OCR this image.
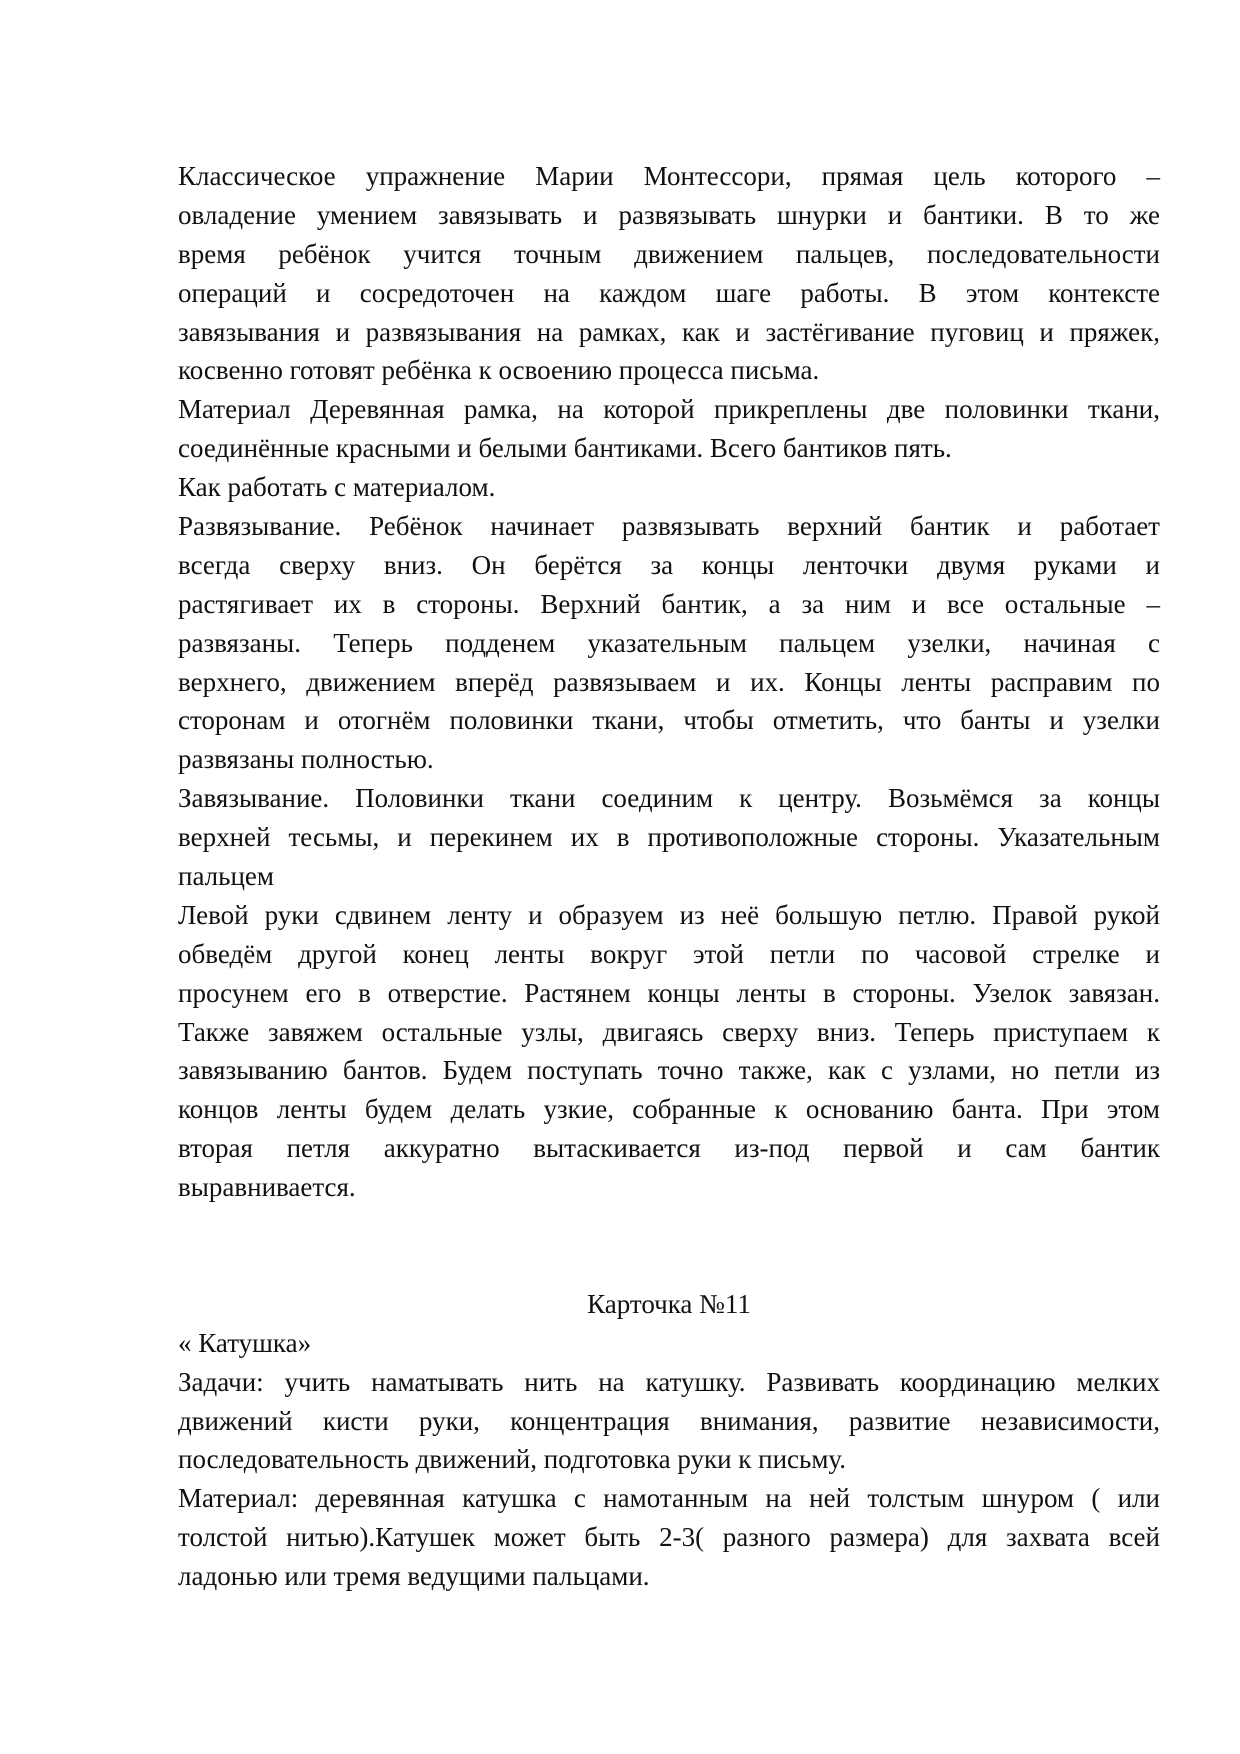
Классическое упражнение Марии Монтессори, прямая цель которого –
овладение умением завязывать и развязывать шнурки и бантики. В то же
время ребёнок учится точным движением пальцев, последовательности
операций и сосредоточен на каждом шаге работы. В этом контексте
завязывания и развязывания на рамках, как и застёгивание пуговиц и пряжек,
косвенно готовят ребёнка к освоению процесса письма.
Материал Деревянная рамка, на которой прикреплены две половинки ткани,
соединённые красными и белыми бантиками. Всего бантиков пять.
Как работать с материалом.
Развязывание. Ребёнок начинает развязывать верхний бантик и работает
всегда сверху вниз. Он берётся за концы ленточки двумя руками и
растягивает их в стороны. Верхний бантик, а за ним и все остальные –
развязаны. Теперь подденем указательным пальцем узелки, начиная с
верхнего, движением вперёд развязываем и их. Концы ленты расправим по
сторонам и отогнём половинки ткани, чтобы отметить, что банты и узелки
развязаны полностью.
Завязывание. Половинки ткани соединим к центру. Возьмёмся за концы
верхней тесьмы, и перекинем их в противоположные стороны. Указательным
пальцем
Левой руки сдвинем ленту и образуем из неё большую петлю. Правой рукой
обведём другой конец ленты вокруг этой петли по часовой стрелке и
просунем его в отверстие. Растянем концы ленты в стороны. Узелок завязан.
Также завяжем остальные узлы, двигаясь сверху вниз. Теперь приступаем к
завязыванию бантов. Будем поступать точно также, как с узлами, но петли из
концов ленты будем делать узкие, собранные к основанию банта. При этом
вторая петля аккуратно вытаскивается из-под первой и сам бантик
выравнивается.
Карточка №11
« Катушка»
Задачи: учить наматывать нить на катушку. Развивать координацию мелких
движений кисти руки, концентрация внимания, развитие независимости,
последовательность движений, подготовка руки к письму.
Материал: деревянная катушка с намотанным на ней толстым шнуром ( или
толстой нитью).Катушек может быть 2-3( разного размера) для захвата всей
ладонью или тремя ведущими пальцами.
